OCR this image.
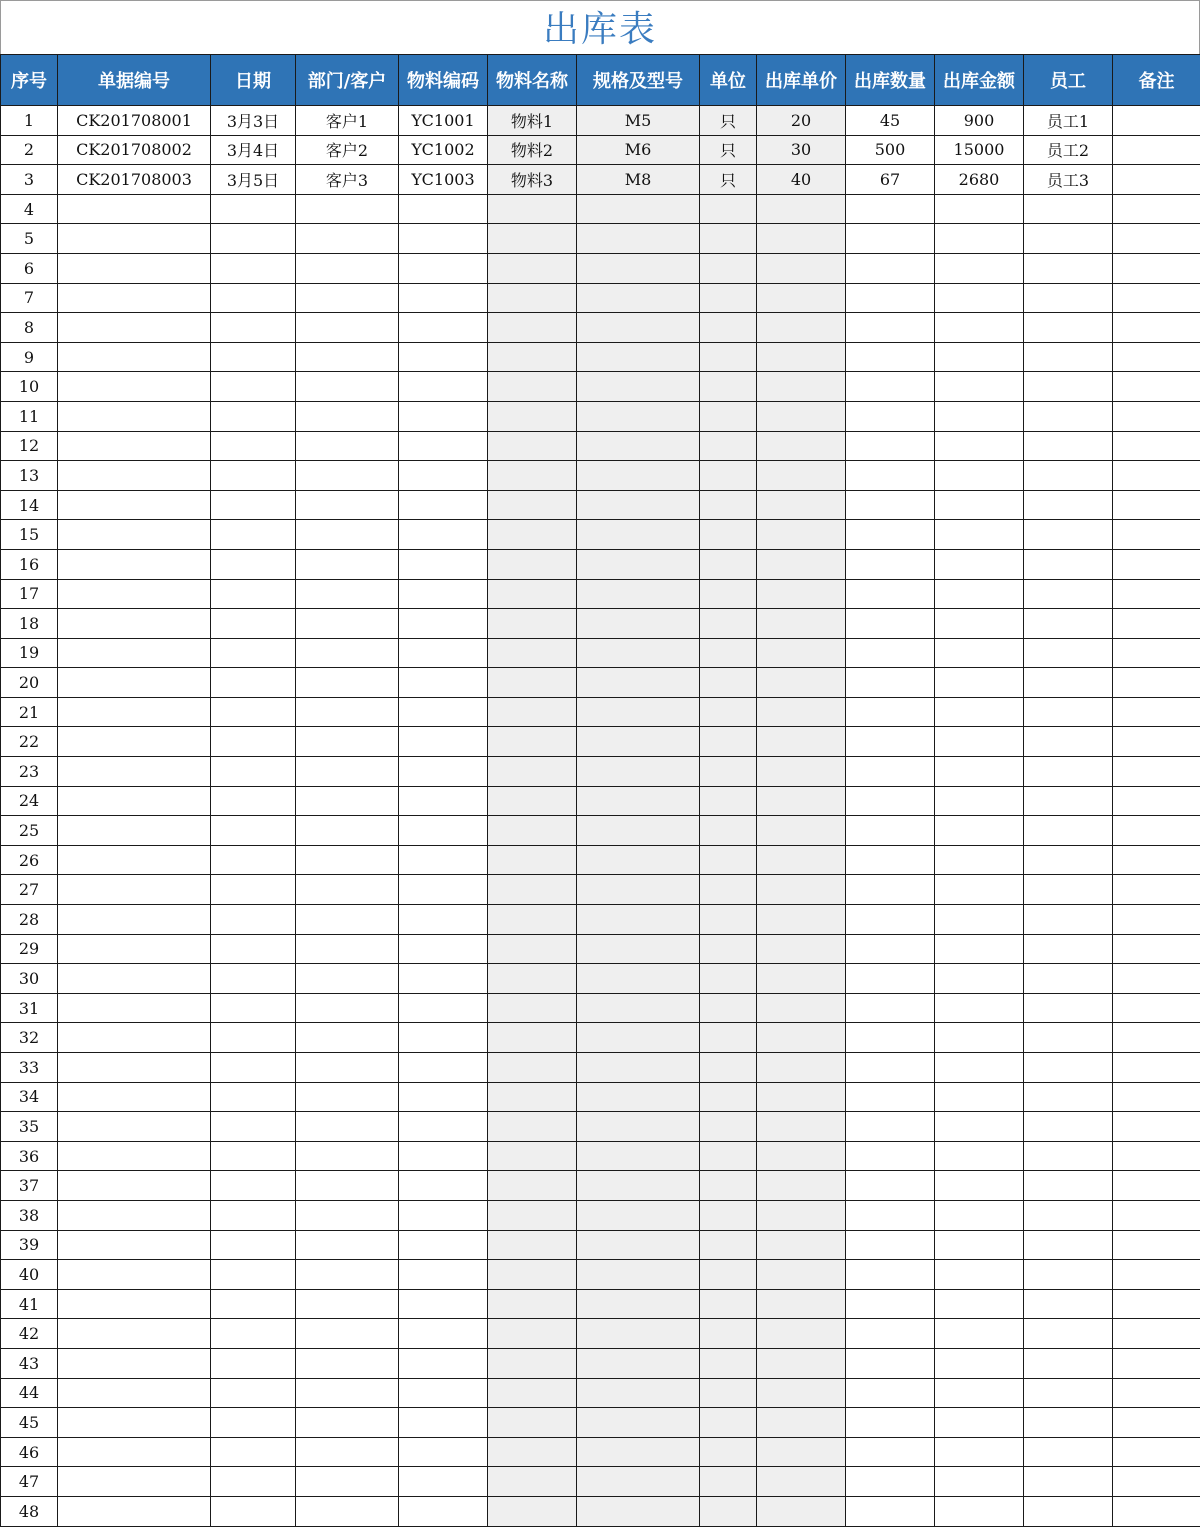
出库表
序号	单据编号	日期	部门/客户	物料编码	物料名称	规格及型号	单位	出库单价	出库数量	出库金额	员工	备注
1	CK201708001	3月3日	客户1	YC1001	物料1	M5	只	20	45	900	员工1	
2	CK201708002	3月4日	客户2	YC1002	物料2	M6	只	30	500	15000	员工2	
3	CK201708003	3月5日	客户3	YC1003	物料3	M8	只	40	67	2680	员工3	
4												
5												
6												
7												
8												
9												
10												
11												
12												
13												
14												
15												
16												
17												
18												
19												
20												
21												
22												
23												
24												
25												
26												
27												
28												
29												
30												
31												
32												
33												
34												
35												
36												
37												
38												
39												
40												
41												
42												
43												
44												
45												
46												
47												
48												
